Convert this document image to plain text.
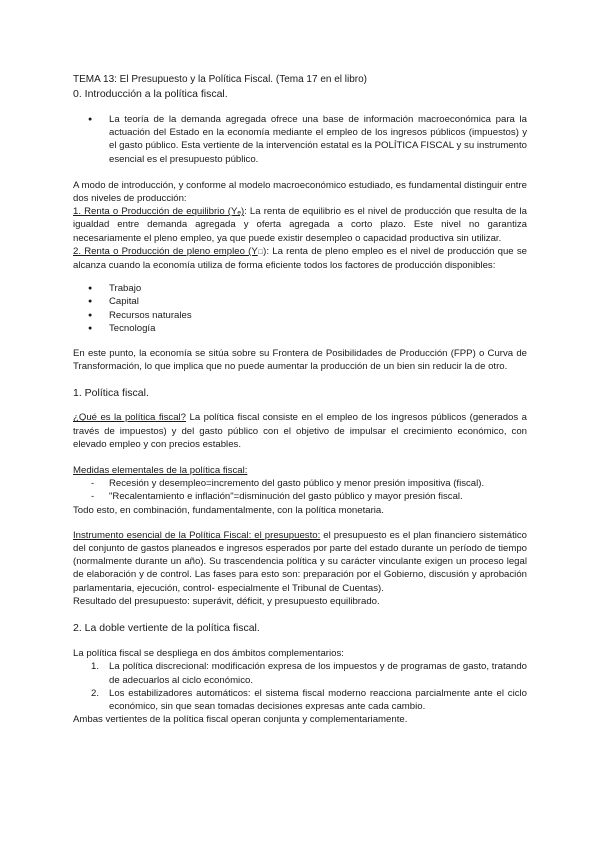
TEMA 13: El Presupuesto y la Política Fiscal. (Tema 17 en el libro)

0. Introducción a la política fiscal.

● La teoría de la demanda agregada ofrece una base de información macroeconómica para la actuación del Estado en la economía mediante el empleo de los ingresos públicos (impuestos) y el gasto público. Esta vertiente de la intervención estatal es la POLÍTICA FISCAL y su instrumento esencial es el presupuesto público.

A modo de introducción, y conforme al modelo macroeconómico estudiado, es fundamental distinguir entre dos niveles de producción:

1. Renta o Producción de equilibrio (Yₑ): La renta de equilibrio es el nivel de producción que resulta de la igualdad entre demanda agregada y oferta agregada a corto plazo. Este nivel no garantiza necesariamente el pleno empleo, ya que puede existir desempleo o capacidad productiva sin utilizar.

2. Renta o Producción de pleno empleo (Y□): La renta de pleno empleo es el nivel de producción que se alcanza cuando la economía utiliza de forma eficiente todos los factores de producción disponibles:

● Trabajo
● Capital
● Recursos naturales
● Tecnología

En este punto, la economía se sitúa sobre su Frontera de Posibilidades de Producción (FPP) o Curva de Transformación, lo que implica que no puede aumentar la producción de un bien sin reducir la de otro.

1. Política fiscal.

¿Qué es la política fiscal? La política fiscal consiste en el empleo de los ingresos públicos (generados a través de impuestos) y del gasto público con el objetivo de impulsar el crecimiento económico, con elevado empleo y con precios estables.

Medidas elementales de la política fiscal:

- Recesión y desempleo=incremento del gasto público y menor presión impositiva (fiscal).
- "Recalentamiento e inflación"=disminución del gasto público y mayor presión fiscal.

Todo esto, en combinación, fundamentalmente, con la política monetaria.

Instrumento esencial de la Política Fiscal: el presupuesto: el presupuesto es el plan financiero sistemático del conjunto de gastos planeados e ingresos esperados por parte del estado durante un período de tiempo (normalmente durante un año). Su trascendencia política y su carácter vinculante exigen un proceso legal de elaboración y de control. Las fases para esto son: preparación por el Gobierno, discusión y aprobación parlamentaria, ejecución, control- especialmente el Tribunal de Cuentas).

Resultado del presupuesto: superávit, déficit, y presupuesto equilibrado.

2. La doble vertiente de la política fiscal.

La política fiscal se despliega en dos ámbitos complementarios:

1. La política discrecional: modificación expresa de los impuestos y de programas de gasto, tratando de adecuarlos al ciclo económico.
2. Los estabilizadores automáticos: el sistema fiscal moderno reacciona parcialmente ante el ciclo económico, sin que sean tomadas decisiones expresas ante cada cambio.

Ambas vertientes de la política fiscal operan conjunta y complementariamente.
